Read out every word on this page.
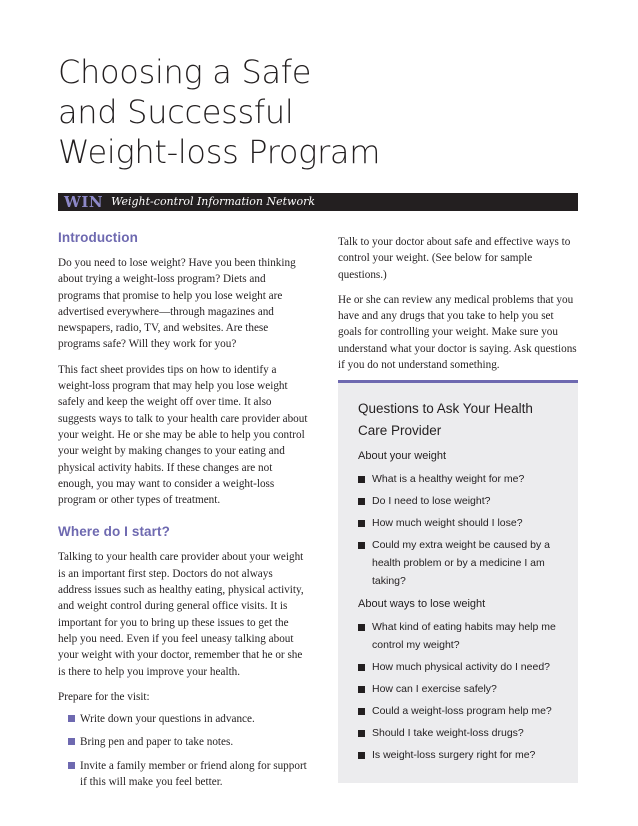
Choosing a Safe
and Successful
Weight-loss Program
WIN Weight-control Information Network
Introduction

Do you need to lose weight? Have you been thinking about trying a weight-loss program? Diets and programs that promise to help you lose weight are advertised everywhere—through magazines and newspapers, radio, TV, and websites. Are these programs safe? Will they work for you?

This fact sheet provides tips on how to identify a weight-loss program that may help you lose weight safely and keep the weight off over time. It also suggests ways to talk to your health care provider about your weight. He or she may be able to help you control your weight by making changes to your eating and physical activity habits. If these changes are not enough, you may want to consider a weight-loss program or other types of treatment.

Where do I start?

Talking to your health care provider about your weight is an important first step. Doctors do not always address issues such as healthy eating, physical activity, and weight control during general office visits. It is important for you to bring up these issues to get the help you need. Even if you feel uneasy talking about your weight with your doctor, remember that he or she is there to help you improve your health.

Prepare for the visit:

Write down your questions in advance.
Bring pen and paper to take notes.
Invite a family member or friend along for support if this will make you feel better.

Talk to your doctor about safe and effective ways to control your weight. (See below for sample questions.)

He or she can review any medical problems that you have and any drugs that you take to help you set goals for controlling your weight. Make sure you understand what your doctor is saying. Ask questions if you do not understand something.

Questions to Ask Your Health Care Provider
About your weight
What is a healthy weight for me?
Do I need to lose weight?
How much weight should I lose?
Could my extra weight be caused by a health problem or by a medicine I am taking?
About ways to lose weight
What kind of eating habits may help me control my weight?
How much physical activity do I need?
How can I exercise safely?
Could a weight-loss program help me?
Should I take weight-loss drugs?
Is weight-loss surgery right for me?
